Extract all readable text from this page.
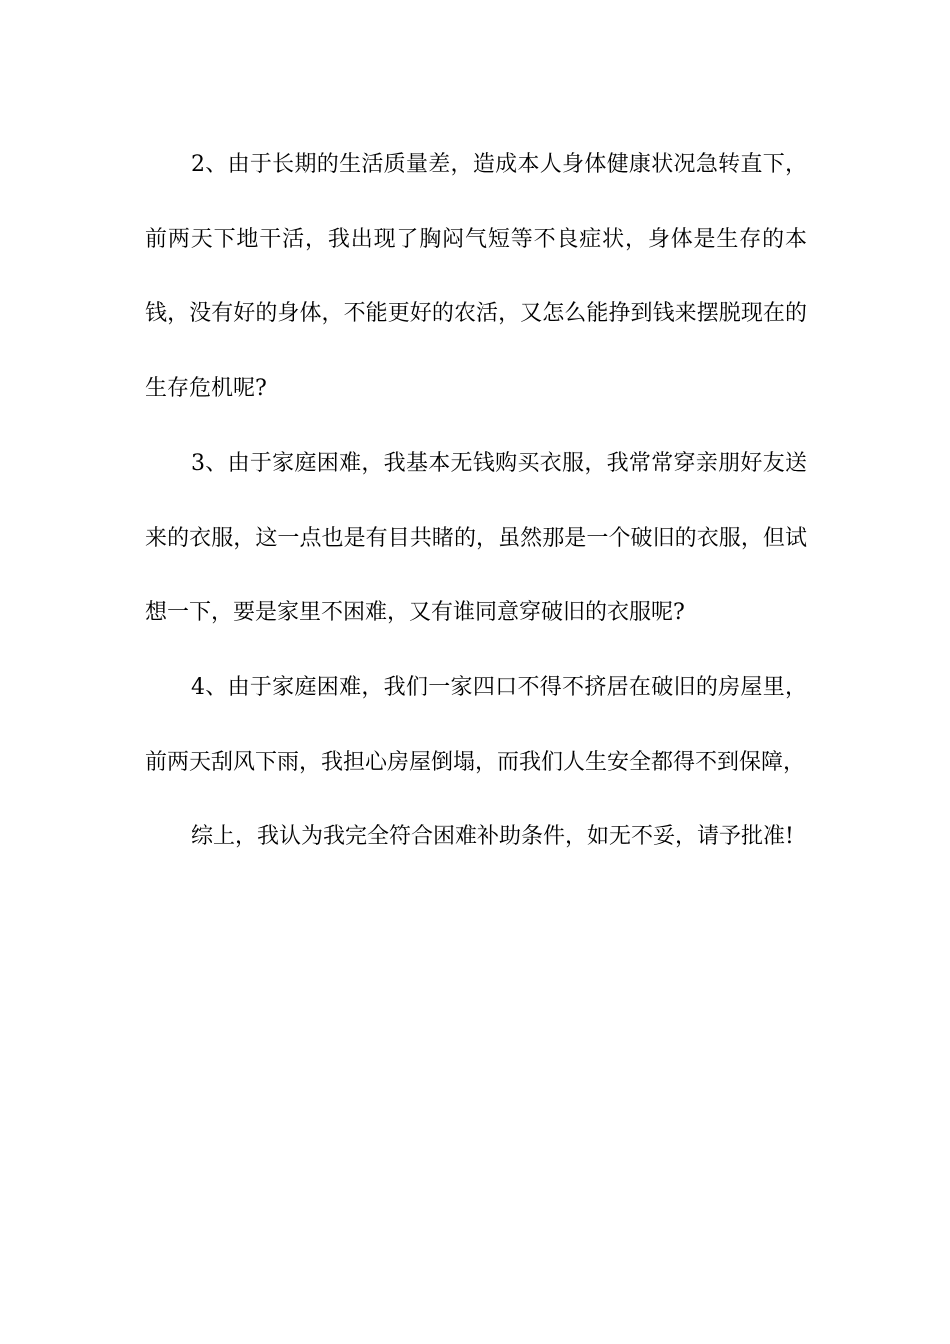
2、由于长期的生活质量差，造成本人身体健康状况急转直下，前两天下地干活，我出现了胸闷气短等不良症状，身体是生存的本钱，没有好的身体，不能更好的农活，又怎么能挣到钱来摆脱现在的生存危机呢?

3、由于家庭困难，我基本无钱购买衣服，我常常穿亲朋好友送来的衣服，这一点也是有目共睹的，虽然那是一个破旧的衣服，但试想一下，要是家里不困难，又有谁同意穿破旧的衣服呢?

4、由于家庭困难，我们一家四口不得不挤居在破旧的房屋里，前两天刮风下雨，我担心房屋倒塌，而我们人生安全都得不到保障，

综上，我认为我完全符合困难补助条件，如无不妥，请予批准!
